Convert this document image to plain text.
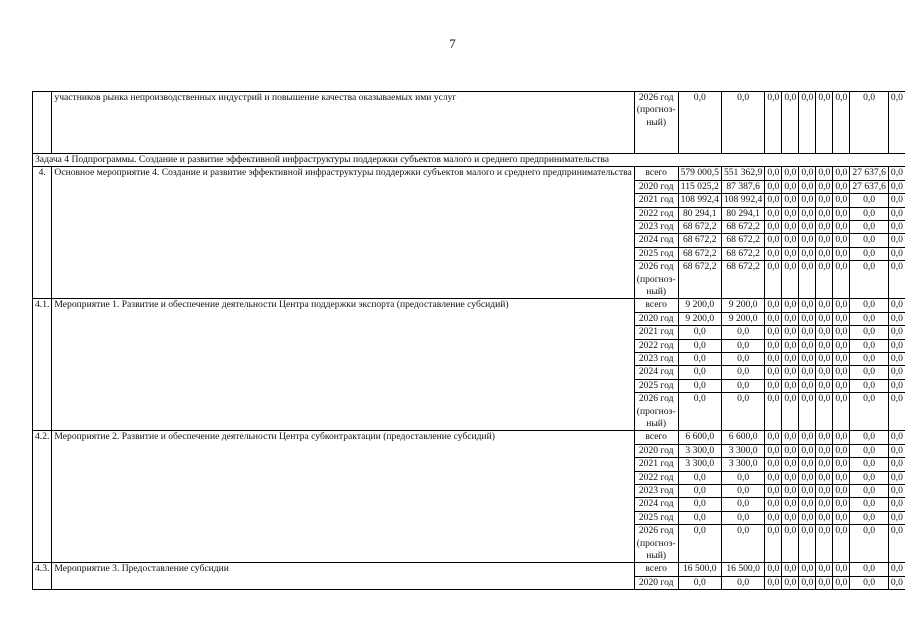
7
	участников рынка непроизводственных индустрий и повышение качества оказываемых ими услуг	2026 год
(прогноз-
ный)	0,0	0,0	0,0	0,0	0,0	0,0	0,0	0,0	0,0
Задача 4 Подпрограммы. Создание и развитие эффективной инфраструктуры поддержки субъектов малого и среднего предпринимательства											
4.	Основное мероприятие 4. Создание и развитие эффективной инфраструктуры поддержки субъектов малого и среднего предпринимательства	всего	579 000,5	551 362,9	0,0	0,0	0,0	0,0	0,0	27 637,6	0,0
		2020 год	115 025,2	87 387,6	0,0	0,0	0,0	0,0	0,0	27 637,6	0,0
		2021 год	108 992,4	108 992,4	0,0	0,0	0,0	0,0	0,0	0,0	0,0
		2022 год	80 294,1	80 294,1	0,0	0,0	0,0	0,0	0,0	0,0	0,0
		2023 год	68 672,2	68 672,2	0,0	0,0	0,0	0,0	0,0	0,0	0,0
		2024 год	68 672,2	68 672,2	0,0	0,0	0,0	0,0	0,0	0,0	0,0
		2025 год	68 672,2	68 672,2	0,0	0,0	0,0	0,0	0,0	0,0	0,0

		2026 год
(прогноз-
ный)	68 672,2	68 672,2	0,0	0,0	0,0	0,0	0,0	0,0	0,0
4.1.	Мероприятие 1. Развитие и обеспечение деятельности Центра поддержки экспорта (предоставление субсидий)	всего	9 200,0	9 200,0	0,0	0,0	0,0	0,0	0,0	0,0	0,0
		2020 год	9 200,0	9 200,0	0,0	0,0	0,0	0,0	0,0	0,0	0,0
		2021 год	0,0	0,0	0,0	0,0	0,0	0,0	0,0	0,0	0,0
		2022 год	0,0	0,0	0,0	0,0	0,0	0,0	0,0	0,0	0,0
		2023 год	0,0	0,0	0,0	0,0	0,0	0,0	0,0	0,0	0,0
		2024 год	0,0	0,0	0,0	0,0	0,0	0,0	0,0	0,0	0,0
		2025 год	0,0	0,0	0,0	0,0	0,0	0,0	0,0	0,0	0,0

		2026 год
(прогноз-
ный)	0,0	0,0	0,0	0,0	0,0	0,0	0,0	0,0	0,0
4.2.	Мероприятие 2. Развитие и обеспечение деятельности Центра субконтрактации (предоставление субсидий)	всего	6 600,0	6 600,0	0,0	0,0	0,0	0,0	0,0	0,0	0,0
		2020 год	3 300,0	3 300,0	0,0	0,0	0,0	0,0	0,0	0,0	0,0
		2021 год	3 300,0	3 300,0	0,0	0,0	0,0	0,0	0,0	0,0	0,0
		2022 год	0,0	0,0	0,0	0,0	0,0	0,0	0,0	0,0	0,0
		2023 год	0,0	0,0	0,0	0,0	0,0	0,0	0,0	0,0	0,0
		2024 год	0,0	0,0	0,0	0,0	0,0	0,0	0,0	0,0	0,0
		2025 год	0,0	0,0	0,0	0,0	0,0	0,0	0,0	0,0	0,0

		2026 год
(прогноз-
ный)	0,0	0,0	0,0	0,0	0,0	0,0	0,0	0,0	0,0
4.3.	Мероприятие 3. Предоставление субсидии	всего	16 500,0	16 500,0	0,0	0,0	0,0	0,0	0,0	0,0	0,0
		2020 год	0,0	0,0	0,0	0,0	0,0	0,0	0,0	0,0	0,0
